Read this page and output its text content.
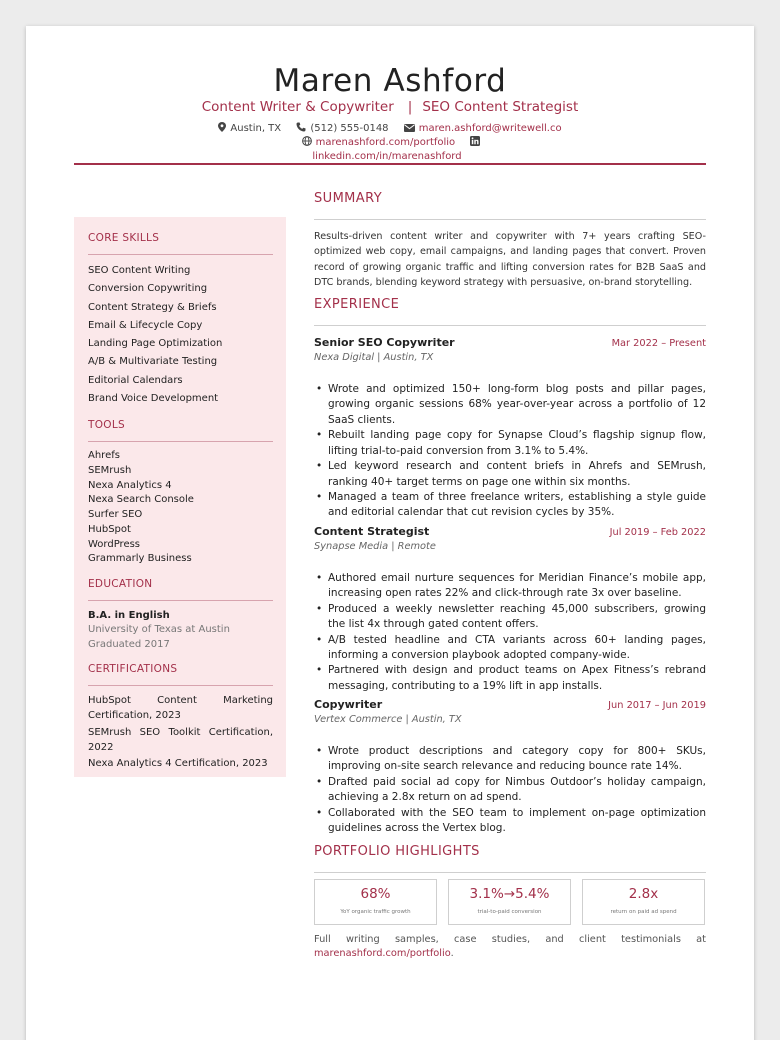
Maren Ashford
Content Writer & Copywriter | SEO Content Strategist
Austin, TX	(512) 555-0148	maren.ashford@writewell.co marenashford.com/portfolio
linkedin.com/in/marenashford
CORE SKILLS
SEO Content Writing
Conversion Copywriting
Content Strategy & Briefs
Email & Lifecycle Copy
Landing Page Optimization
A/B & Multivariate Testing
Editorial Calendars
Brand Voice Development
TOOLS
Ahrefs
SEMrush
Nexa Analytics 4
Nexa Search Console
Surfer SEO
HubSpot
WordPress
Grammarly Business
EDUCATION
B.A. in English
University of Texas at Austin
Graduated 2017
CERTIFICATIONS
HubSpot Content Marketing Certification, 2023
SEMrush SEO Toolkit Certification, 2022
Nexa Analytics 4 Certification, 2023
SUMMARY

Results-driven content writer and copywriter with 7+ years crafting SEO-optimized web copy, email campaigns, and landing pages that convert. Proven record of growing organic traffic and lifting conversion rates for B2B SaaS and DTC brands, blending keyword strategy with persuasive, on-brand storytelling.

EXPERIENCE
Senior SEO Copywriter	Mar 2022 – Present
Nexa Digital | Austin, TX
• Wrote and optimized 150+ long-form blog posts and pillar pages, growing organic sessions 68% year-over-year across a portfolio of 12 SaaS clients.
• Rebuilt landing page copy for Synapse Cloud’s flagship signup flow, lifting trial-to-paid conversion from 3.1% to 5.4%.
• Led keyword research and content briefs in Ahrefs and SEMrush, ranking 40+ target terms on page one within six months.
• Managed a team of three freelance writers, establishing a style guide and editorial calendar that cut revision cycles by 35%.
Content Strategist	Jul 2019 – Feb 2022
Synapse Media | Remote
• Authored email nurture sequences for Meridian Finance’s mobile app, increasing open rates 22% and click-through rate 3x over baseline.
• Produced a weekly newsletter reaching 45,000 subscribers, growing the list 4x through gated content offers.
• A/B tested headline and CTA variants across 60+ landing pages, informing a conversion playbook adopted company-wide.
• Partnered with design and product teams on Apex Fitness’s rebrand messaging, contributing to a 19% lift in app installs.
Copywriter	Jun 2017 – Jun 2019
Vertex Commerce | Austin, TX
• Wrote product descriptions and category copy for 800+ SKUs, improving on-site search relevance and reducing bounce rate 14%.
• Drafted paid social ad copy for Nimbus Outdoor’s holiday campaign, achieving a 2.8x return on ad spend.
• Collaborated with the SEO team to implement on-page optimization guidelines across the Vertex blog.
PORTFOLIO HIGHLIGHTS
68%
YoY organic traffic growth
3.1%→5.4%
trial-to-paid conversion
2.8x
return on paid ad spend

Full writing samples, case studies, and client testimonials at marenashford.com/portfolio.
